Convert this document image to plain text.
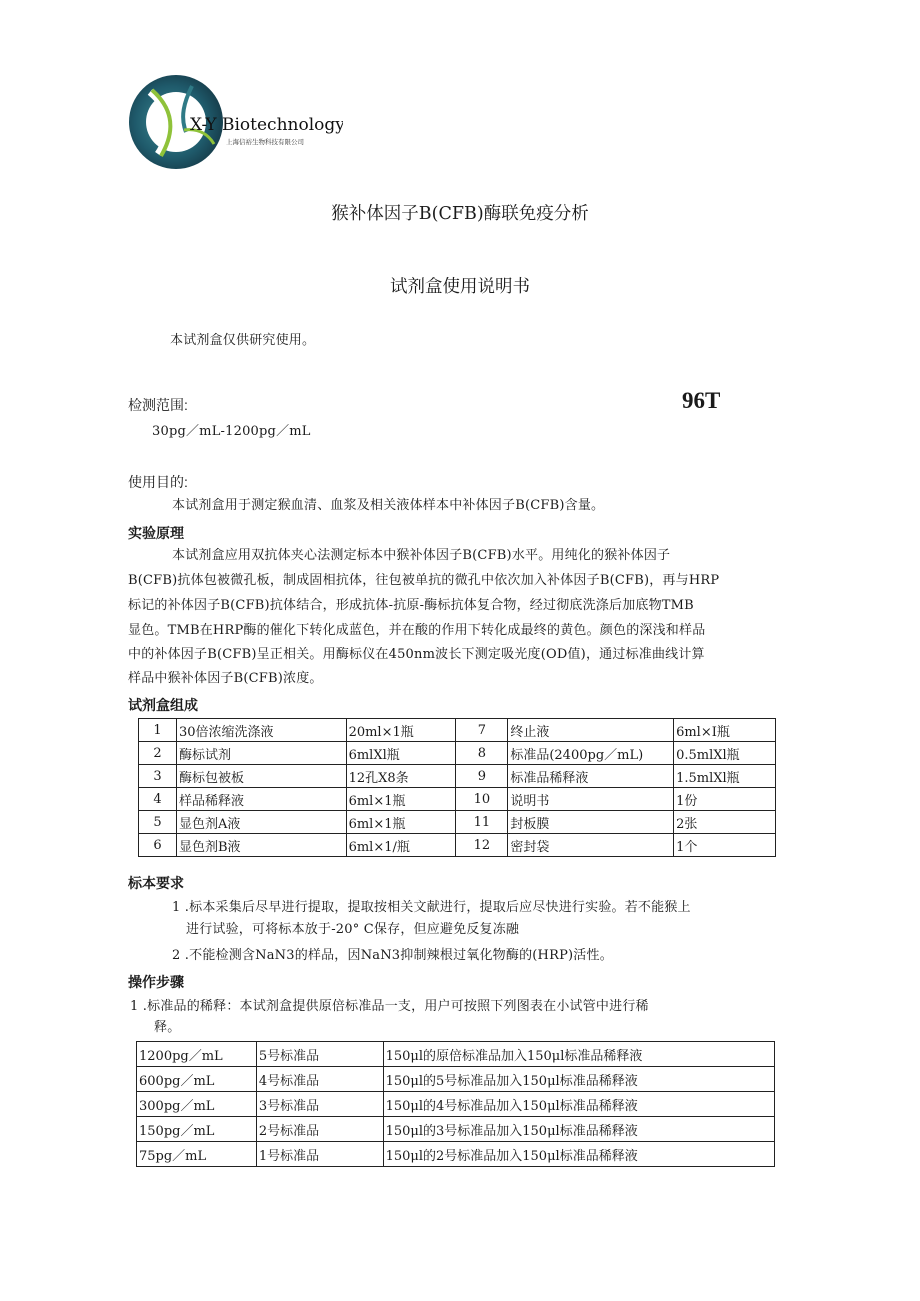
X-Y Biotechnology
上海信裕生物科技有限公司
猴补体因子B(CFB)酶联免疫分析
试剂盒使用说明书
本试剂盒仅供研究使用。
检测范围:	96T
30pg／mL-1200pg／mL
使用目的:
本试剂盒用于测定猴血清、血浆及相关液体样本中补体因子B(CFB)含量。
实验原理
本试剂盒应用双抗体夹心法测定标本中猴补体因子B(CFB)水平。用纯化的猴补体因子
B(CFB)抗体包被微孔板，制成固相抗体，往包被单抗的微孔中依次加入补体因子B(CFB)，再与HRP
标记的补体因子B(CFB)抗体结合，形成抗体-抗原-酶标抗体复合物，经过彻底洗涤后加底物TMB
显色。TMB在HRP酶的催化下转化成蓝色，并在酸的作用下转化成最终的黄色。颜色的深浅和样品
中的补体因子B(CFB)呈正相关。用酶标仪在450nm波长下测定吸光度(OD值)，通过标准曲线计算
样品中猴补体因子B(CFB)浓度。
试剂盒组成
1	30倍浓缩洗涤液	20ml×1瓶	7	终止液	6ml×I瓶
2	酶标试剂	6mlXl瓶	8	标准品(2400pg／mL)	0.5mlXl瓶
3	酶标包被板	12孔X8条	9	标准品稀释液	1.5mlXl瓶
4	样品稀释液	6ml×1瓶	10	说明书	1份
5	显色剂A液	6ml×1瓶	11	封板膜	2张
6	显色剂B液	6ml×1/瓶	12	密封袋	1个
标本要求
1 .标本采集后尽早进行提取，提取按相关文献进行，提取后应尽快进行实验。若不能猴上
进行试验，可将标本放于-20° C保存，但应避免反复冻融
2 .不能检测含NaN3的样品，因NaN3抑制辣根过氧化物酶的(HRP)活性。
操作步骤
1 .标准品的稀释：本试剂盒提供原倍标准品一支，用户可按照下列图表在小试管中进行稀
释。
1200pg／mL	5号标准品	150μl的原倍标准品加入150μl标准品稀释液
600pg／mL	4号标准品	150μl的5号标准品加入150μl标准品稀释液
300pg／mL	3号标准品	150μl的4号标准品加入150μl标准品稀释液
150pg／mL	2号标准品	150μl的3号标准品加入150μl标准品稀释液
75pg／mL	1号标准品	150μl的2号标准品加入150μl标准品稀释液
